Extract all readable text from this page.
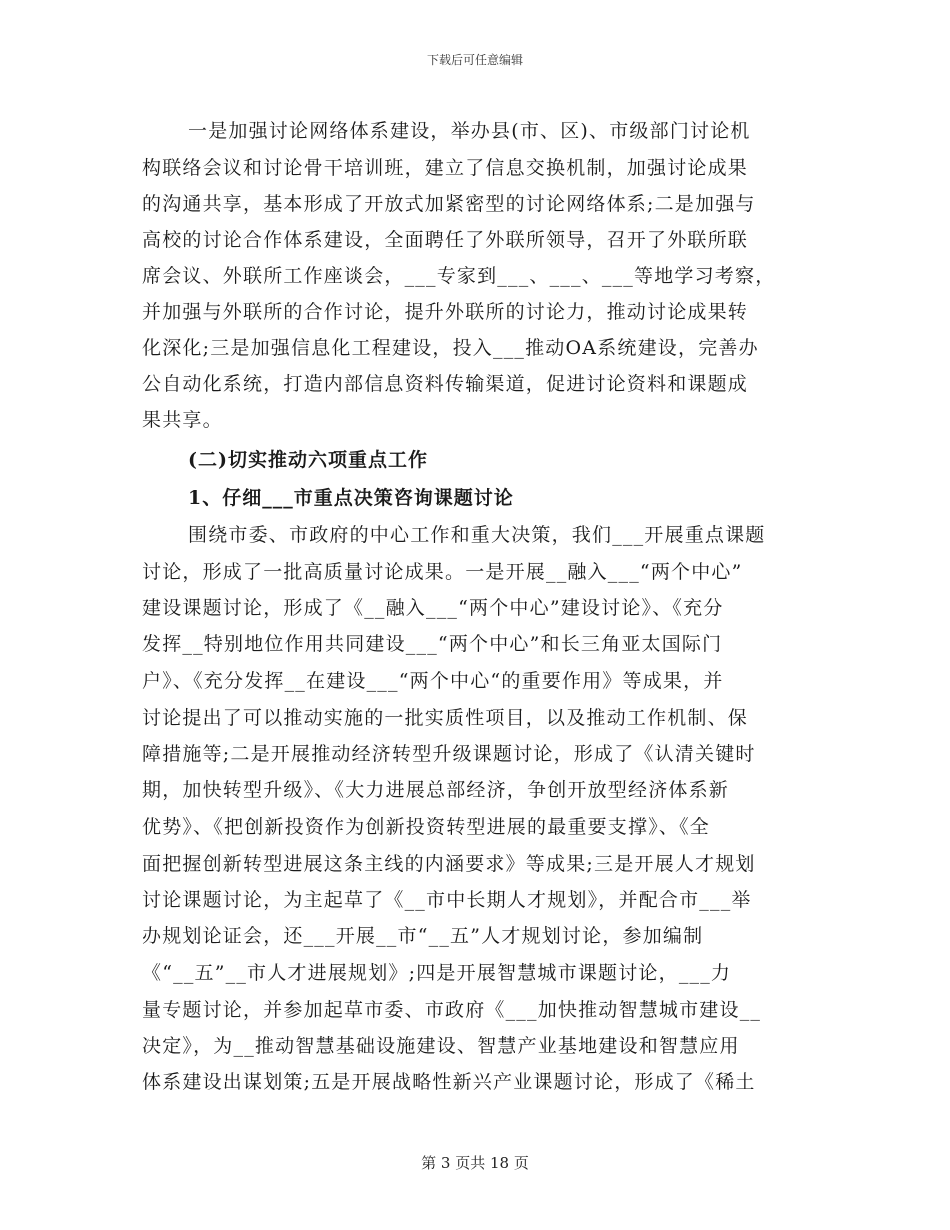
下载后可任意编辑
一是加强讨论网络体系建设，举办县(市、区)、市级部门讨论机
构联络会议和讨论骨干培训班，建立了信息交换机制，加强讨论成果
的沟通共享，基本形成了开放式加紧密型的讨论网络体系;二是加强与
高校的讨论合作体系建设，全面聘任了外联所领导，召开了外联所联
席会议、外联所工作座谈会，___专家到___、___、___等地学习考察，
并加强与外联所的合作讨论，提升外联所的讨论力，推动讨论成果转
化深化;三是加强信息化工程建设，投入___推动OA系统建设，完善办
公自动化系统，打造内部信息资料传输渠道，促进讨论资料和课题成
果共享。
(二)切实推动六项重点工作
1、仔细___市重点决策咨询课题讨论
围绕市委、市政府的中心工作和重大决策，我们___开展重点课题
讨论，形成了一批高质量讨论成果。一是开展__融入___“两个中心”
建设课题讨论，形成了《__融入___“两个中心”建设讨论》、《充分
发挥__特别地位作用共同建设___“两个中心”和长三角亚太国际门
户》、《充分发挥__在建设___“两个中心“的重要作用》等成果，并
讨论提出了可以推动实施的一批实质性项目，以及推动工作机制、保
障措施等;二是开展推动经济转型升级课题讨论，形成了《认清关键时
期，加快转型升级》、《大力进展总部经济，争创开放型经济体系新
优势》、《把创新投资作为创新投资转型进展的最重要支撑》、《全
面把握创新转型进展这条主线的内涵要求》等成果;三是开展人才规划
讨论课题讨论，为主起草了《__市中长期人才规划》，并配合市___举
办规划论证会，还___开展__市“__五”人才规划讨论，参加编制
《“__五”__市人才进展规划》;四是开展智慧城市课题讨论，___力
量专题讨论，并参加起草市委、市政府《___加快推动智慧城市建设__
决定》，为__推动智慧基础设施建设、智慧产业基地建设和智慧应用
体系建设出谋划策;五是开展战略性新兴产业课题讨论，形成了《稀土
第 3 页共 18 页
